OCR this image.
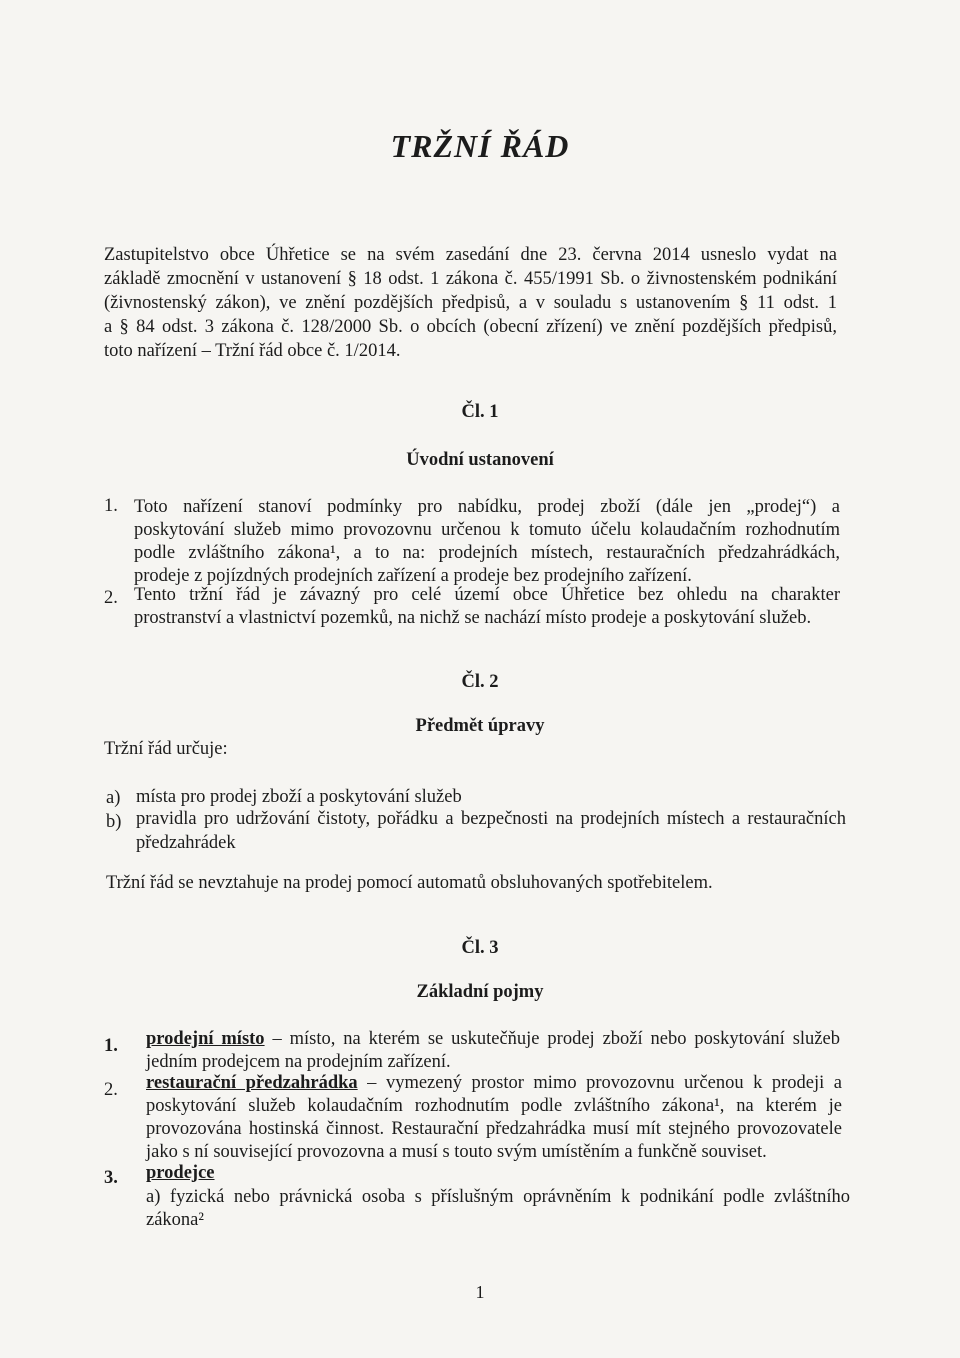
TRŽNÍ ŘÁD
Zastupitelstvo obce Úhřetice se na svém zasedání dne 23. června 2014 usneslo vydat na
základě zmocnění v ustanovení § 18 odst. 1 zákona č. 455/1991 Sb. o živnostenském podnikání
(živnostenský zákon), ve znění pozdějších předpisů, a v souladu s ustanovením § 11 odst. 1
a § 84 odst. 3 zákona č. 128/2000 Sb. o obcích (obecní zřízení) ve znění pozdějších předpisů,
toto nařízení – Tržní řád obce č. 1/2014.
Čl. 1
Úvodní ustanovení
1. Toto nařízení stanoví podmínky pro nabídku, prodej zboží (dále jen „prodej“) a
poskytování služeb mimo provozovnu určenou k tomuto účelu kolaudačním rozhodnutím
podle zvláštního zákona¹, a to na: prodejních místech, restauračních předzahrádkách,
prodeje z pojízdných prodejních zařízení a prodeje bez prodejního zařízení.
2. Tento tržní řád je závazný pro celé území obce Úhřetice bez ohledu na charakter
prostranství a vlastnictví pozemků, na nichž se nachází místo prodeje a poskytování služeb.
Čl. 2
Předmět úpravy
Tržní řád určuje:
a) místa pro prodej zboží a poskytování služeb
b) pravidla pro udržování čistoty, pořádku a bezpečnosti na prodejních místech a restauračních
předzahrádek
Tržní řád se nevztahuje na prodej pomocí automatů obsluhovaných spotřebitelem.
Čl. 3
Základní pojmy
1.	prodejní místo – místo, na kterém se uskutečňuje prodej zboží nebo poskytování služeb
jedním prodejcem na prodejním zařízení.
2.	restaurační předzahrádka – vymezený prostor mimo provozovnu určenou k prodeji a
poskytování služeb kolaudačním rozhodnutím podle zvláštního zákona¹, na kterém je
provozována hostinská činnost. Restaurační předzahrádka musí mít stejného provozovatele
jako s ní související provozovna a musí s touto svým umístěním a funkčně souviset.
3.	prodejce
a) fyzická nebo právnická osoba s příslušným oprávněním k podnikání podle zvláštního
zákona²
1
